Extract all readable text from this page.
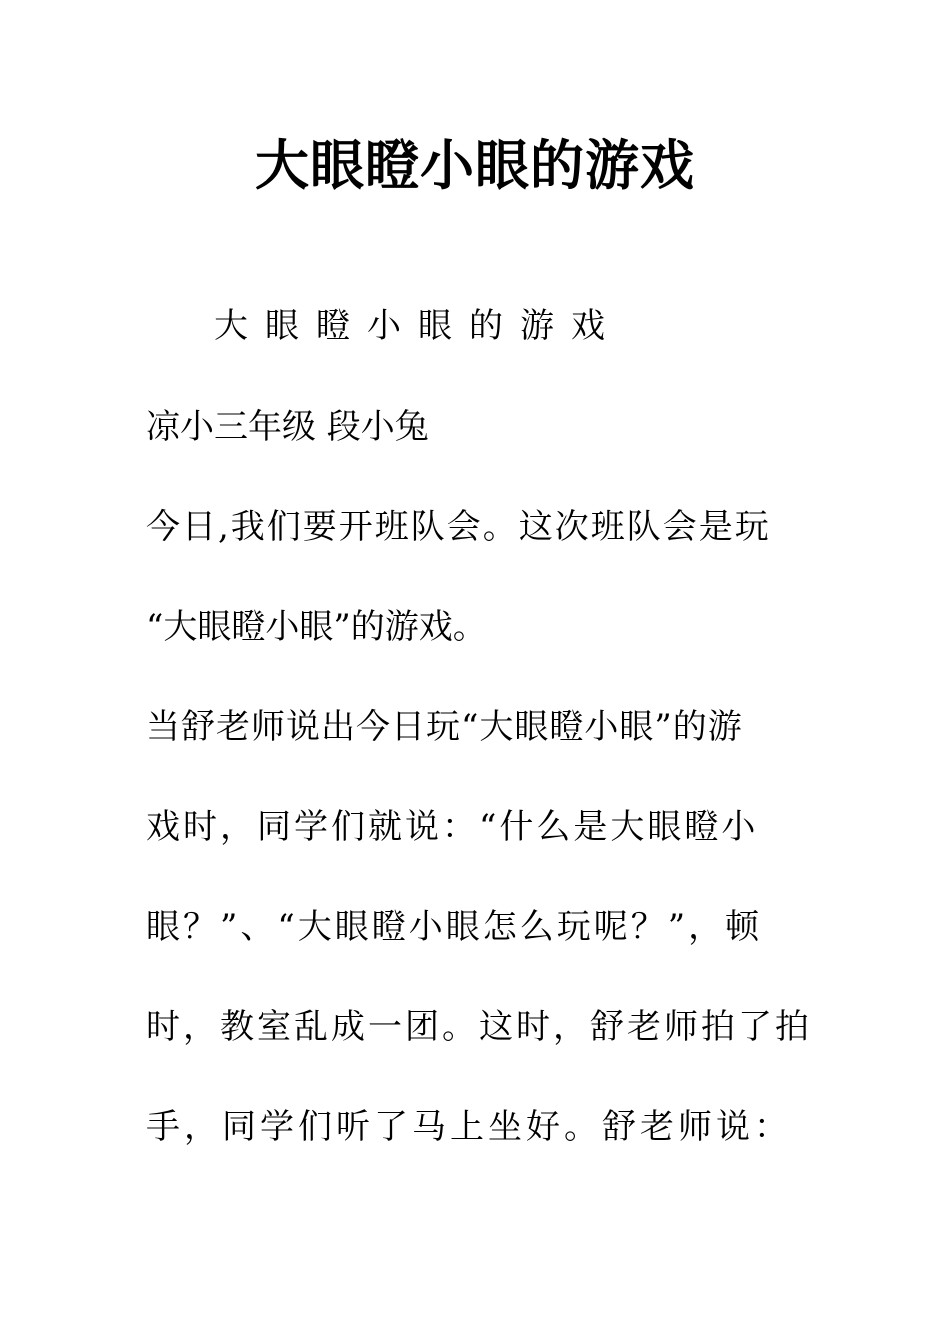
大眼瞪小眼的游戏
大眼瞪小眼的游戏
凉小三年级 段小兔
今日,我们要开班队会。这次班队会是玩
“大眼瞪小眼”的游戏。
当舒老师说出今日玩“大眼瞪小眼”的游
戏时，同学们就说：“什么是大眼瞪小
眼？”、“大眼瞪小眼怎么玩呢？”，顿
时，教室乱成一团。这时，舒老师拍了拍
手，同学们听了马上坐好。舒老师说：
